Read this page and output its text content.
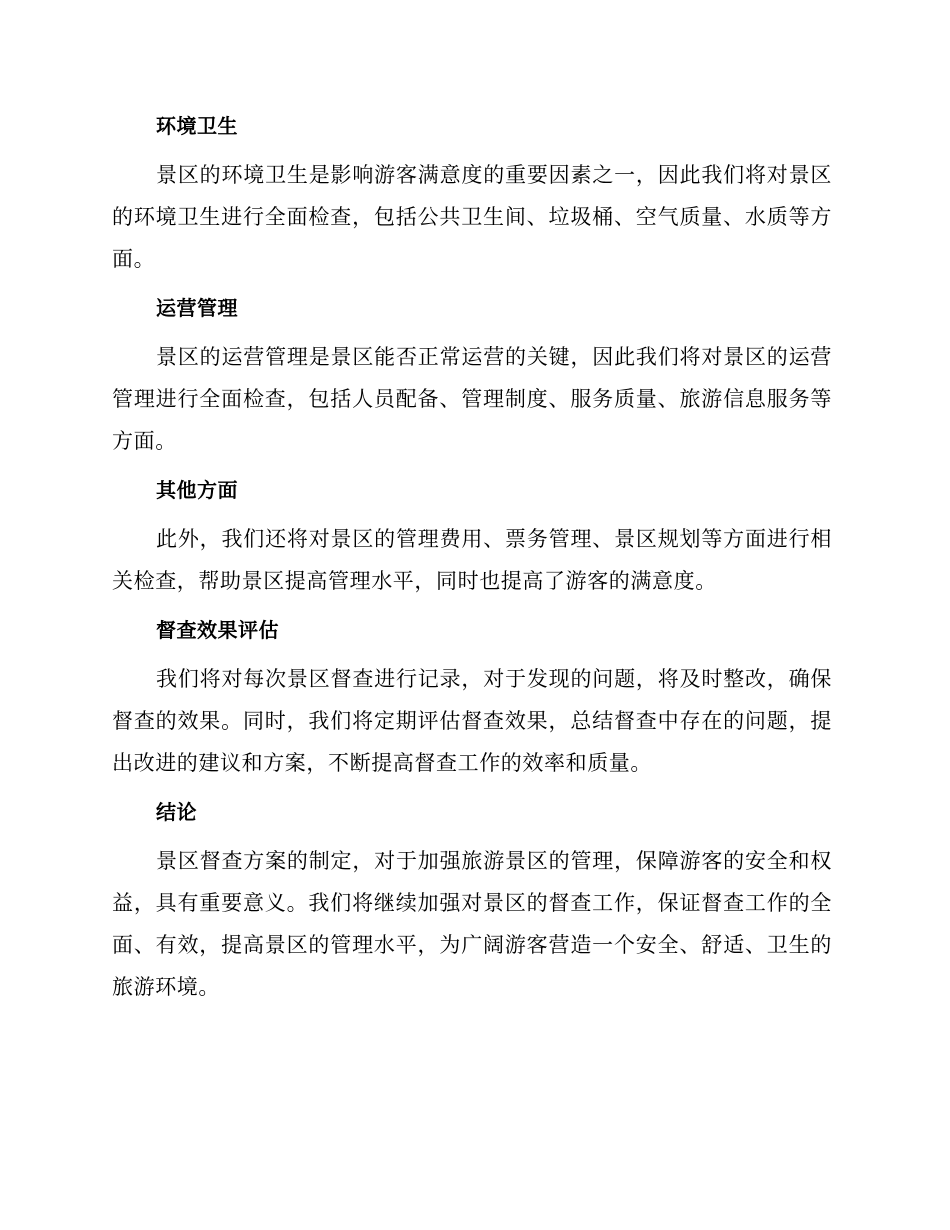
环境卫生

景区的环境卫生是影响游客满意度的重要因素之一，因此我们将对景区的环境卫生进行全面检查，包括公共卫生间、垃圾桶、空气质量、水质等方面。

运营管理

景区的运营管理是景区能否正常运营的关键，因此我们将对景区的运营管理进行全面检查，包括人员配备、管理制度、服务质量、旅游信息服务等方面。

其他方面

此外，我们还将对景区的管理费用、票务管理、景区规划等方面进行相关检查，帮助景区提高管理水平，同时也提高了游客的满意度。

督查效果评估

我们将对每次景区督查进行记录，对于发现的问题，将及时整改，确保督查的效果。同时，我们将定期评估督查效果，总结督查中存在的问题，提出改进的建议和方案，不断提高督查工作的效率和质量。

结论

景区督查方案的制定，对于加强旅游景区的管理，保障游客的安全和权益，具有重要意义。我们将继续加强对景区的督查工作，保证督查工作的全面、有效，提高景区的管理水平，为广阔游客营造一个安全、舒适、卫生的旅游环境。
